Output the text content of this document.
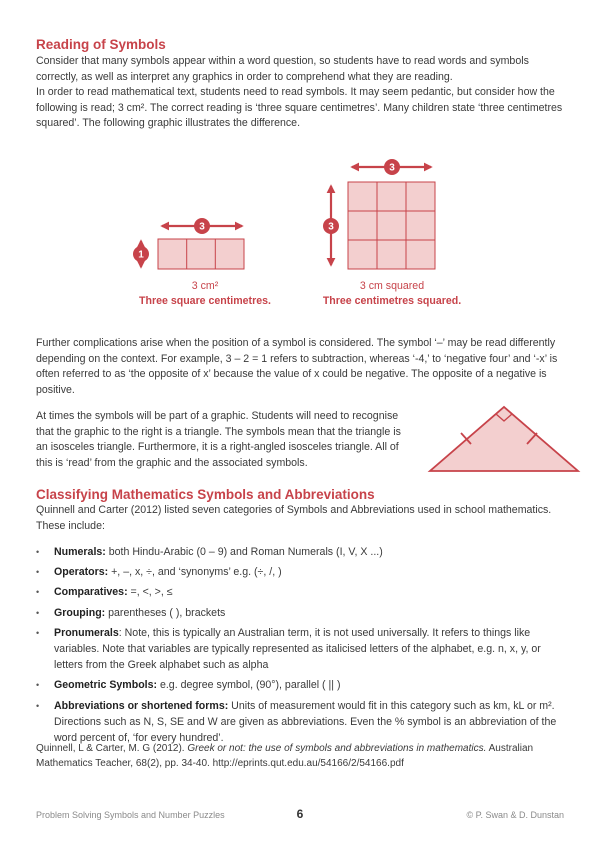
Reading of Symbols
Consider that many symbols appear within a word question, so students have to read words and symbols correctly, as well as interpret any graphics in order to comprehend what they are reading.
In order to read mathematical text, students need to read symbols. It may seem pedantic, but consider how the following is read; 3 cm². The correct reading is ‘three square centimetres’. Many children state ‘three centimetres squared’. The following graphic illustrates the difference.
3
1
3
3
3 cm²
Three square centimetres.
3 cm squared
Three centimetres squared.
Further complications arise when the position of a symbol is considered. The symbol ‘–’ may be read differently depending on the context. For example, 3 – 2 = 1 refers to subtraction, whereas ‘-4,’ to ‘negative four’ and ‘-x’ is often referred to as ‘the opposite of x’ because the value of x could be negative. The opposite of a negative is positive.
At times the symbols will be part of a graphic. Students will need to recognise that the graphic to the right is a triangle. The symbols mean that the triangle is an isosceles triangle. Furthermore, it is a right-angled isosceles triangle. All of this is ‘read’ from the graphic and the associated symbols.
Classifying Mathematics Symbols and Abbreviations
Quinnell and Carter (2012) listed seven categories of Symbols and Abbreviations used in school mathematics. These include:
• Numerals: both Hindu-Arabic (0 – 9) and Roman Numerals (I, V, X ...)
• Operators: +, –, x, ÷, and ‘synonyms’ e.g. (÷, /, )
• Comparatives: =, <, >, ≤
• Grouping: parentheses ( ), brackets
• Pronumerals: Note, this is typically an Australian term, it is not used universally. It refers to things like variables. Note that variables are typically represented as italicised letters of the alphabet, e.g. n, x, y, or letters from the Greek alphabet such as alpha
• Geometric Symbols: e.g. degree symbol, (90°), parallel ( || )
• Abbreviations or shortened forms: Units of measurement would fit in this category such as km, kL or m². Directions such as N, S, SE and W are given as abbreviations. Even the % symbol is an abbreviation of the word percent of, ‘for every hundred’.
Quinnell, L & Carter, M. G (2012). Greek or not: the use of symbols and abbreviations in mathematics. Australian Mathematics Teacher, 68(2), pp. 34-40. http://eprints.qut.edu.au/54166/2/54166.pdf
Problem Solving Symbols and Number Puzzles	6	© P. Swan & D. Dunstan
